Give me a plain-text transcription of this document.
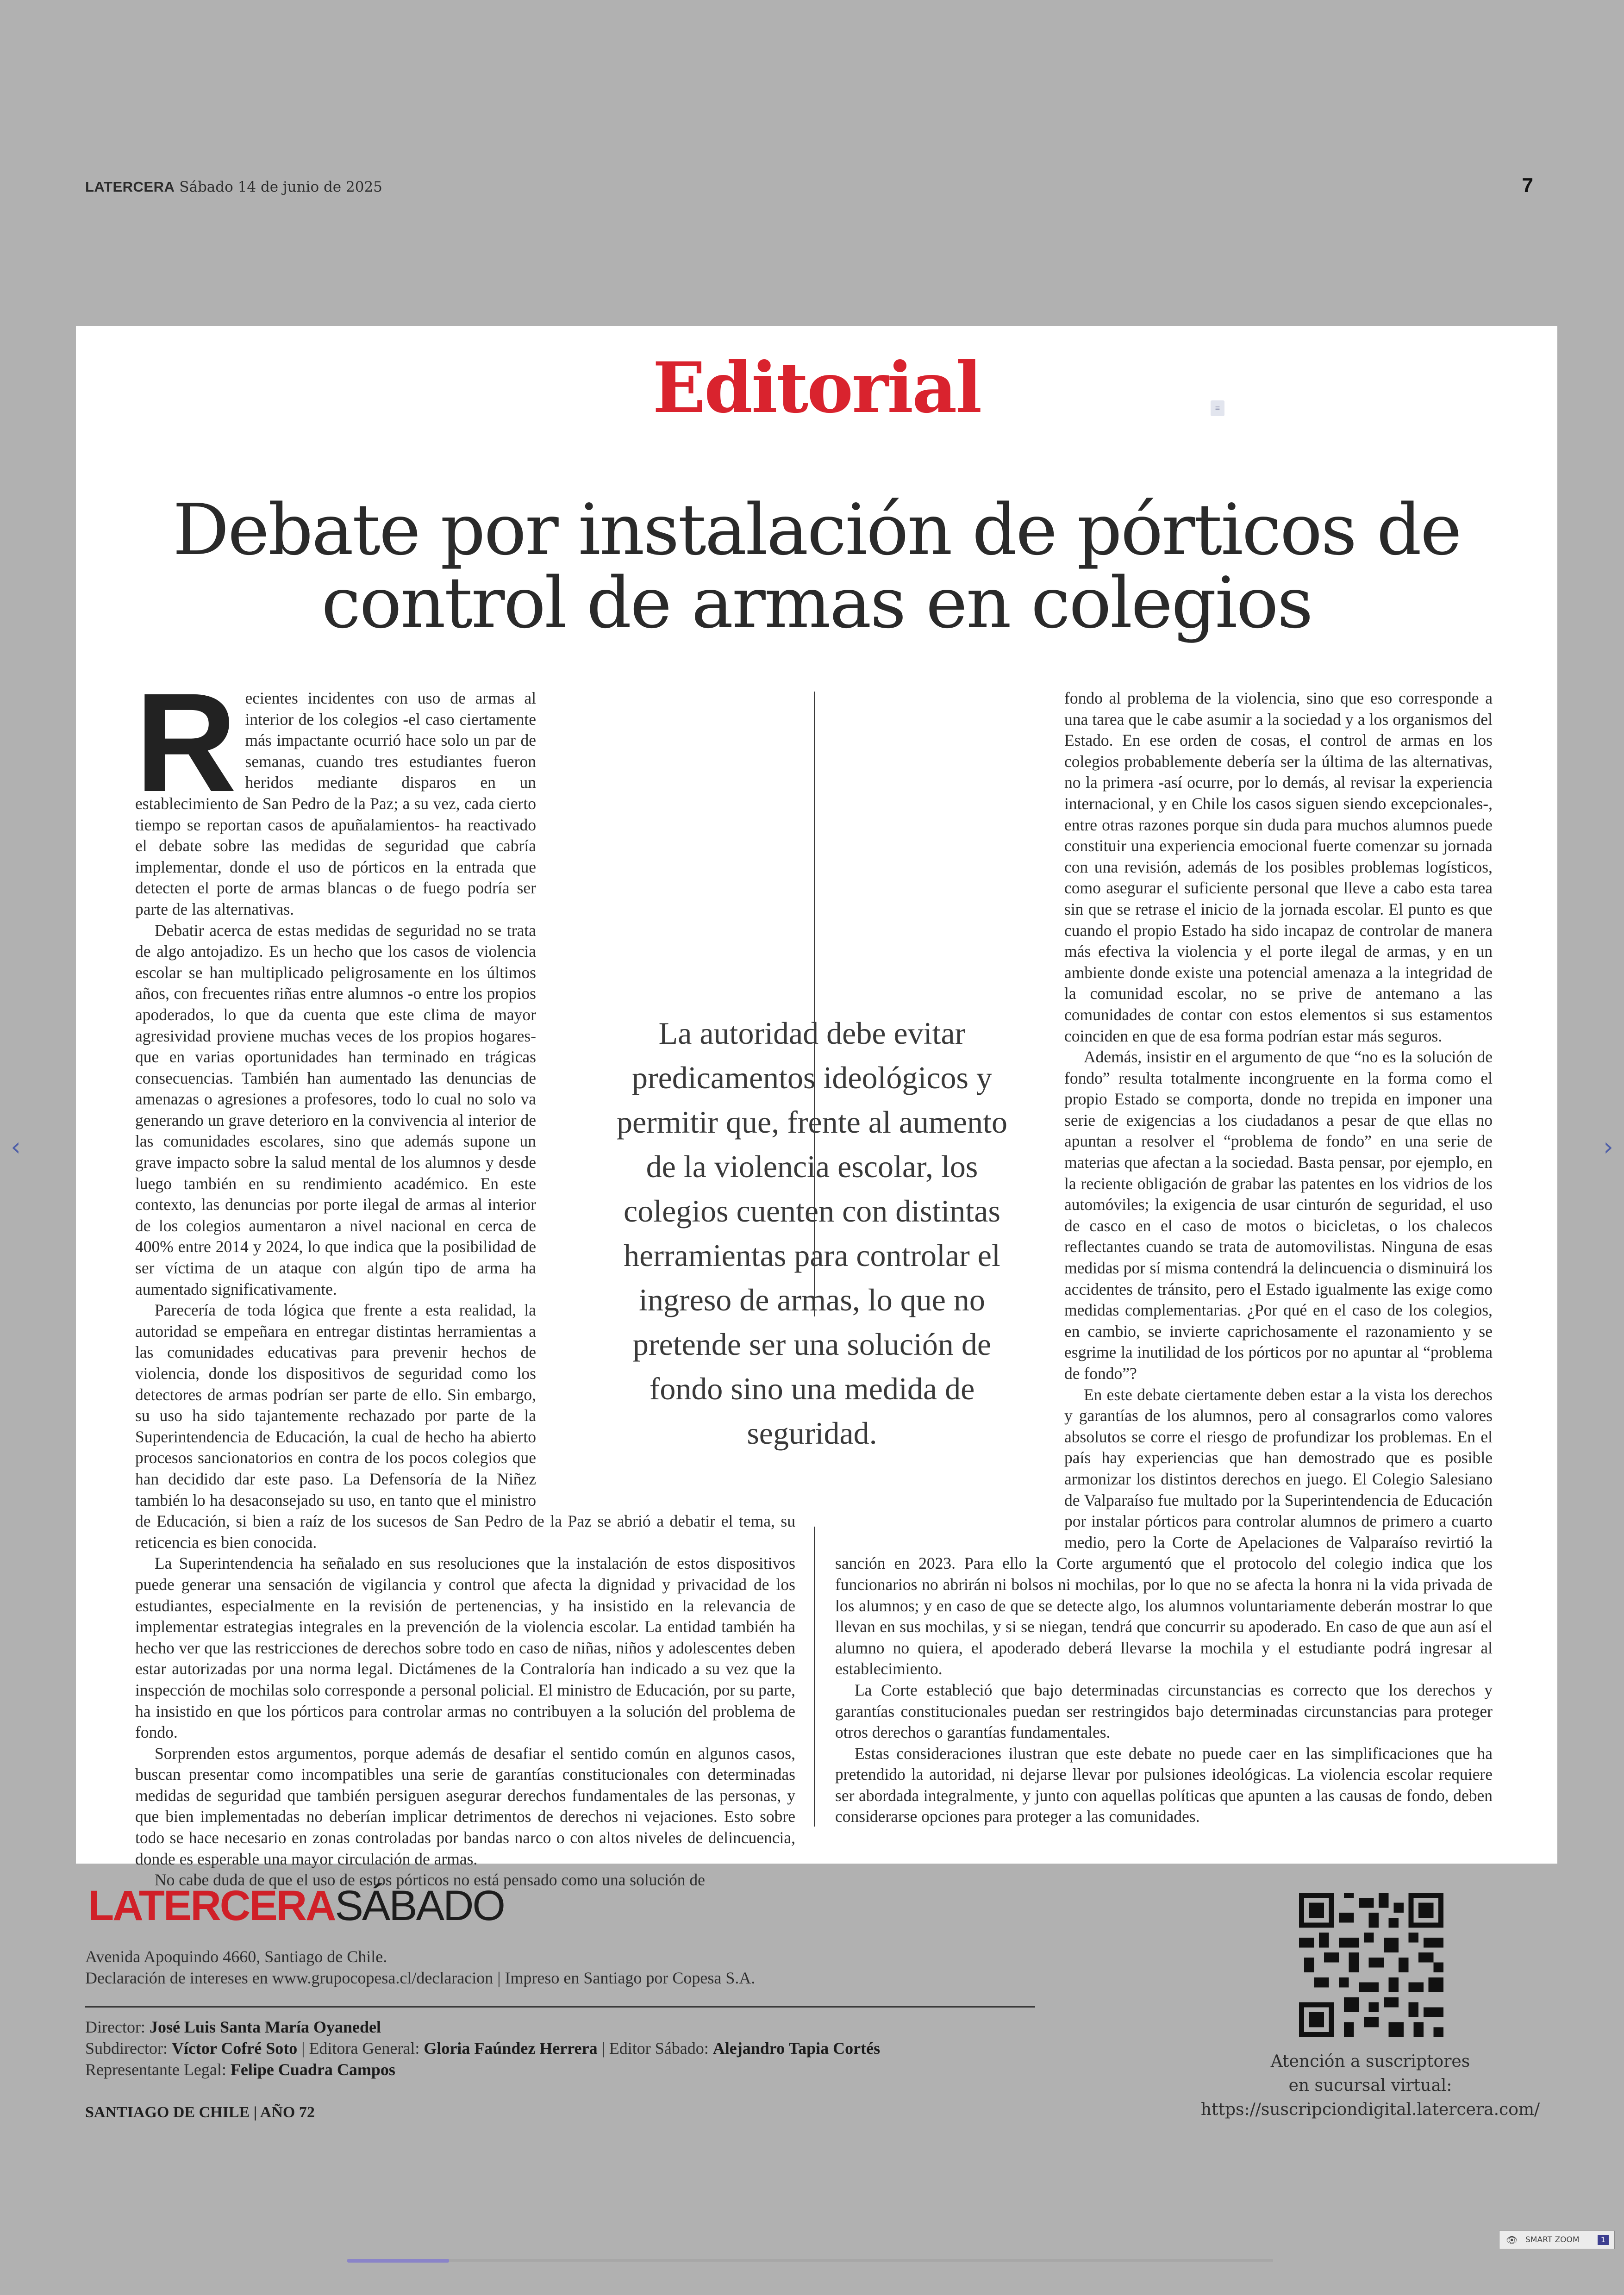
LATERCERA Sábado 14 de junio de 2025	7
‹	›
Editorial	≡
Debate por instalación de pórticos de control de armas en colegios

Recientes incidentes con uso de armas al interior de los colegios -el caso ciertamente más impactante ocurrió hace solo un par de semanas, cuando tres estudiantes fueron heridos mediante disparos en un establecimiento de San Pedro de la Paz; a su vez, cada cierto tiempo se reportan casos de apuñalamientos- ha reactivado el debate sobre las medidas de seguridad que cabría implementar, donde el uso de pórticos en la entrada que detecten el porte de armas blancas o de fuego podría ser parte de las alternativas.

Debatir acerca de estas medidas de seguridad no se trata de algo antojadizo. Es un hecho que los casos de violencia escolar se han multiplicado peligrosamente en los últimos años, con frecuentes riñas entre alumnos -o entre los propios apoderados, lo que da cuenta que este clima de mayor agresividad proviene muchas veces de los propios hogares- que en varias oportunidades han terminado en trágicas consecuencias. También han aumentado las denuncias de amenazas o agresiones a profesores, todo lo cual no solo va generando un grave deterioro en la convivencia al interior de las comunidades escolares, sino que además supone un grave impacto sobre la salud mental de los alumnos y desde luego también en su rendimiento académico. En este contexto, las denuncias por porte ilegal de armas al interior de los colegios aumentaron a nivel nacional en cerca de 400% entre 2014 y 2024, lo que indica que la posibilidad de ser víctima de un ataque con algún tipo de arma ha aumentado significativamente.

Parecería de toda lógica que frente a esta realidad, la autoridad se empeñara en entregar distintas herramientas a las comunidades educativas para prevenir hechos de violencia, donde los dispositivos de seguridad como los detectores de armas podrían ser parte de ello. Sin embargo, su uso ha sido tajantemente rechazado por parte de la Superintendencia de Educación, la cual de hecho ha abierto procesos sancionatorios en contra de los pocos colegios que han decidido dar este paso. La Defensoría de la Niñez también lo ha desaconsejado su uso, en tanto que el ministro de Educación, si bien a raíz de los sucesos de San Pedro de la Paz se abrió a debatir el tema, su reticencia es bien conocida.

La Superintendencia ha señalado en sus resoluciones que la instalación de estos dispositivos puede generar una sensación de vigilancia y control que afecta la dignidad y privacidad de los estudiantes, especialmente en la revisión de pertenencias, y ha insistido en la relevancia de implementar estrategias integrales en la prevención de la violencia escolar. La entidad también ha hecho ver que las restricciones de derechos sobre todo en caso de niñas, niños y adolescentes deben estar autorizadas por una norma legal. Dictámenes de la Contraloría han indicado a su vez que la inspección de mochilas solo corresponde a personal policial. El ministro de Educación, por su parte, ha insistido en que los pórticos para controlar armas no contribuyen a la solución del problema de fondo.

Sorprenden estos argumentos, porque además de desafiar el sentido común en algunos casos, buscan presentar como incompatibles una serie de garantías constitucionales con determinadas medidas de seguridad que también persiguen asegurar derechos fundamentales de las personas, y que bien implementadas no deberían implicar detrimentos de derechos ni vejaciones. Esto sobre todo se hace necesario en zonas controladas por bandas narco o con altos niveles de delincuencia, donde es esperable una mayor circulación de armas.

No cabe duda de que el uso de estos pórticos no está pensado como una solución de

fondo al problema de la violencia, sino que eso corresponde a una tarea que le cabe asumir a la sociedad y a los organismos del Estado. En ese orden de cosas, el control de armas en los colegios probablemente debería ser la última de las alternativas, no la primera -así ocurre, por lo demás, al revisar la experiencia internacional, y en Chile los casos siguen siendo excepcionales-, entre otras razones porque sin duda para muchos alumnos puede constituir una experiencia emocional fuerte comenzar su jornada con una revisión, además de los posibles problemas logísticos, como asegurar el suficiente personal que lleve a cabo esta tarea sin que se retrase el inicio de la jornada escolar. El punto es que cuando el propio Estado ha sido incapaz de controlar de manera más efectiva la violencia y el porte ilegal de armas, y en un ambiente donde existe una potencial amenaza a la integridad de la comunidad escolar, no se prive de antemano a las comunidades de contar con estos elementos si sus estamentos coinciden en que de esa forma podrían estar más seguros.

Además, insistir en el argumento de que “no es la solución de fondo” resulta totalmente incongruente en la forma como el propio Estado se comporta, donde no trepida en imponer una serie de exigencias a los ciudadanos a pesar de que ellas no apuntan a resolver el “problema de fondo” en una serie de materias que afectan a la sociedad. Basta pensar, por ejemplo, en la reciente obligación de grabar las patentes en los vidrios de los automóviles; la exigencia de usar cinturón de seguridad, el uso de casco en el caso de motos o bicicletas, o los chalecos reflectantes cuando se trata de automovilistas. Ninguna de esas medidas por sí misma contendrá la delincuencia o disminuirá los accidentes de tránsito, pero el Estado igualmente las exige como medidas complementarias. ¿Por qué en el caso de los colegios, en cambio, se invierte caprichosamente el razonamiento y se esgrime la inutilidad de los pórticos por no apuntar al “problema de fondo”?

En este debate ciertamente deben estar a la vista los derechos y garantías de los alumnos, pero al consagrarlos como valores absolutos se corre el riesgo de profundizar los problemas. En el país hay experiencias que han demostrado que es posible armonizar los distintos derechos en juego. El Colegio Salesiano de Valparaíso fue multado por la Superintendencia de Educación por instalar pórticos para controlar alumnos de primero a cuarto medio, pero la Corte de Apelaciones de Valparaíso revirtió la sanción en 2023. Para ello la Corte argumentó que el protocolo del colegio indica que los funcionarios no abrirán ni bolsos ni mochilas, por lo que no se afecta la honra ni la vida privada de los alumnos; y en caso de que se detecte algo, los alumnos voluntariamente deberán mostrar lo que llevan en sus mochilas, y si se niegan, tendrá que concurrir su apoderado. En caso de que aun así el alumno no quiera, el apoderado deberá llevarse la mochila y el estudiante podrá ingresar al establecimiento.

La Corte estableció que bajo determinadas circunstancias es correcto que los derechos y garantías constitucionales puedan ser restringidos bajo determinadas circunstancias para proteger otros derechos o garantías fundamentales.

Estas consideraciones ilustran que este debate no puede caer en las simplificaciones que ha pretendido la autoridad, ni dejarse llevar por pulsiones ideológicas. La violencia escolar requiere ser abordada integralmente, y junto con aquellas políticas que apunten a las causas de fondo, deben considerarse opciones para proteger a las comunidades.

La autoridad debe evitar predicamentos ideológicos y permitir que, frente al aumento de la violencia escolar, los colegios cuenten con distintas herramientas para controlar el ingreso de armas, lo que no pretende ser una solución de fondo sino una medida de seguridad.
LATERCERASÁBADO
Avenida Apoquindo 4660, Santiago de Chile.
Declaración de intereses en www.grupocopesa.cl/declaracion | Impreso en Santiago por Copesa S.A.
Director: José Luis Santa María Oyanedel
Subdirector: Víctor Cofré Soto | Editora General: Gloria Faúndez Herrera | Editor Sábado: Alejandro Tapia Cortés
Representante Legal: Felipe Cuadra Campos
SANTIAGO DE CHILE | AÑO 72
Atención a suscriptores
en sucursal virtual:
https://suscripciondigital.latercera.com/
👁 SMART ZOOM	1
